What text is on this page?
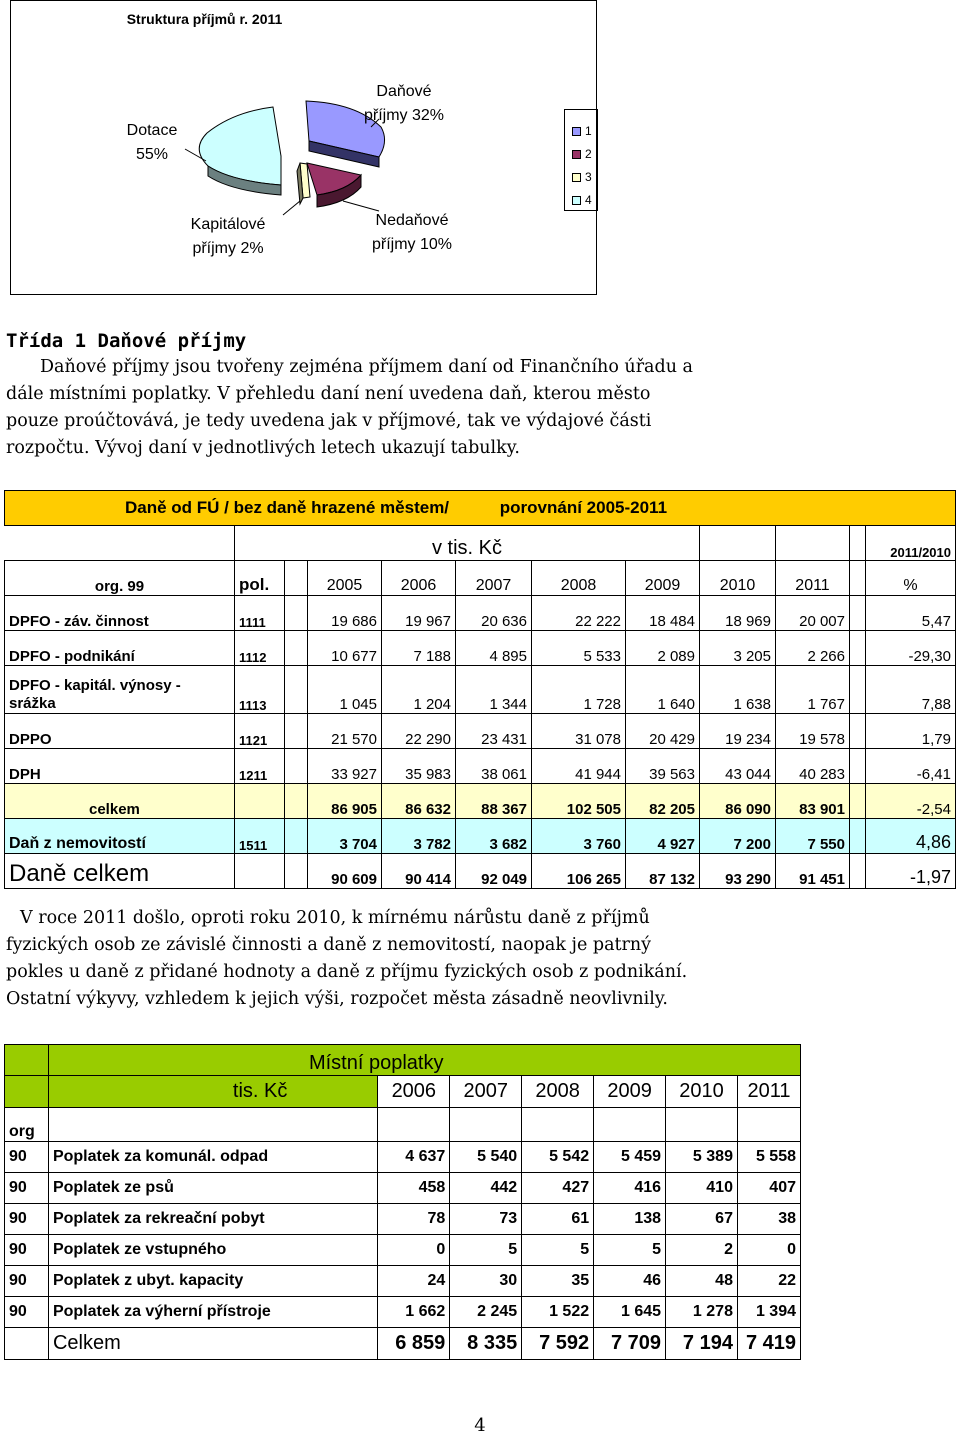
Struktura příjmů r. 2011
Dotace
55%
Daňové
příjmy 32%
Kapitálové
příjmy 2%
Nedaňové
příjmy 10%
1
2
3
4
Třída 1 Daňové příjmy
Daňové příjmy jsou tvořeny zejména příjmem daní od Finančního úřadu a
dále místními poplatky. V přehledu daní není uvedena daň, kterou město
pouze proúčtovává, je tedy uvedena jak v příjmové, tak ve výdajové části
rozpočtu. Vývoj daní v jednotlivých letech ukazují tabulky.
Daně od FÚ / bez daně hrazené městem/ porovnání 2005-2011											
	v tis. Kč										2011/2010
org. 99	pol.		2005	2006	2007	2008	2009	2010	2011		%
DPFO - záv. činnost	1111		19 686	19 967	20 636	22 222	18 484	18 969	20 007		5,47
DPFO - podnikání	1112		10 677	7 188	4 895	5 533	2 089	3 205	2 266		-29,30

DPFO - kapitál. výnosy -
srážka	1113		1 045	1 204	1 344	1 728	1 640	1 638	1 767		7,88
DPPO	1121		21 570	22 290	23 431	31 078	20 429	19 234	19 578		1,79
DPH	1211		33 927	35 983	38 061	41 944	39 563	43 044	40 283		-6,41
celkem			86 905	86 632	88 367	102 505	82 205	86 090	83 901		-2,54
Daň z nemovitostí	1511		3 704	3 782	3 682	3 760	4 927	7 200	7 550		4,86
Daně celkem			90 609	90 414	92 049	106 265	87 132	93 290	91 451		-1,97
V roce 2011 došlo, oproti roku 2010, k mírnému nárůstu daně z příjmů
fyzických osob ze závislé činnosti a daně z nemovitostí, naopak je patrný
pokles u daně z přidané hodnoty a daně z příjmu fyzických osob z podnikání.
Ostatní výkyvy, vzhledem k jejich výši, rozpočet města zásadně neovlivnily.
	Místní poplatky						
	tis. Kč	2006	2007	2008	2009	2010	2011
org							
90	Poplatek za komunál. odpad	4 637	5 540	5 542	5 459	5 389	5 558
90	Poplatek ze psů	458	442	427	416	410	407
90	Poplatek za rekreační pobyt	78	73	61	138	67	38
90	Poplatek ze vstupného	0	5	5	5	2	0
90	Poplatek z ubyt. kapacity	24	30	35	46	48	22
90	Poplatek za výherní přístroje	1 662	2 245	1 522	1 645	1 278	1 394
	Celkem	6 859	8 335	7 592	7 709	7 194	7 419
4
